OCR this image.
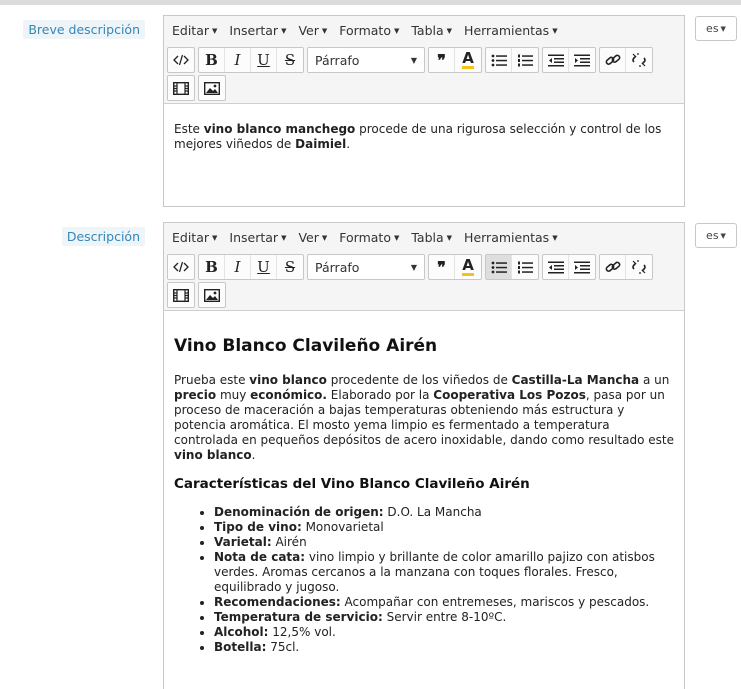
Breve descripción	es ▼
Editar ▼ Insertar ▼ Ver ▼ Formato ▼ Tabla ▼ Herramientas ▼
B	I	U	S	Párrafo	▼	❞	A

Este vino blanco manchego procede de una rigurosa selección y control de los mejores viñedos de Daimiel.

Descripción	es ▼
Editar ▼ Insertar ▼ Ver ▼ Formato ▼ Tabla ▼ Herramientas ▼
B	I	U	S	Párrafo	▼	❞	A
Vino Blanco Clavileño Airén

Prueba este vino blanco procedente de los viñedos de Castilla-La Mancha a un precio muy económico. Elaborado por la Cooperativa Los Pozos, pasa por un proceso de maceración a bajas temperaturas obteniendo más estructura y potencia aromática. El mosto yema limpio es fermentado a temperatura controlada en pequeños depósitos de acero inoxidable, dando como resultado este vino blanco.

Características del Vino Blanco Clavileño Airén
• Denominación de origen: D.O. La Mancha
• Tipo de vino: Monovarietal
• Varietal: Airén
• Nota de cata: vino limpio y brillante de color amarillo pajizo con atisbos verdes. Aromas cercanos a la manzana con toques florales. Fresco, equilibrado y jugoso.
• Recomendaciones: Acompañar con entremeses, mariscos y pescados.
• Temperatura de servicio: Servir entre 8-10ºC.
• Alcohol: 12,5% vol.
• Botella: 75cl.
